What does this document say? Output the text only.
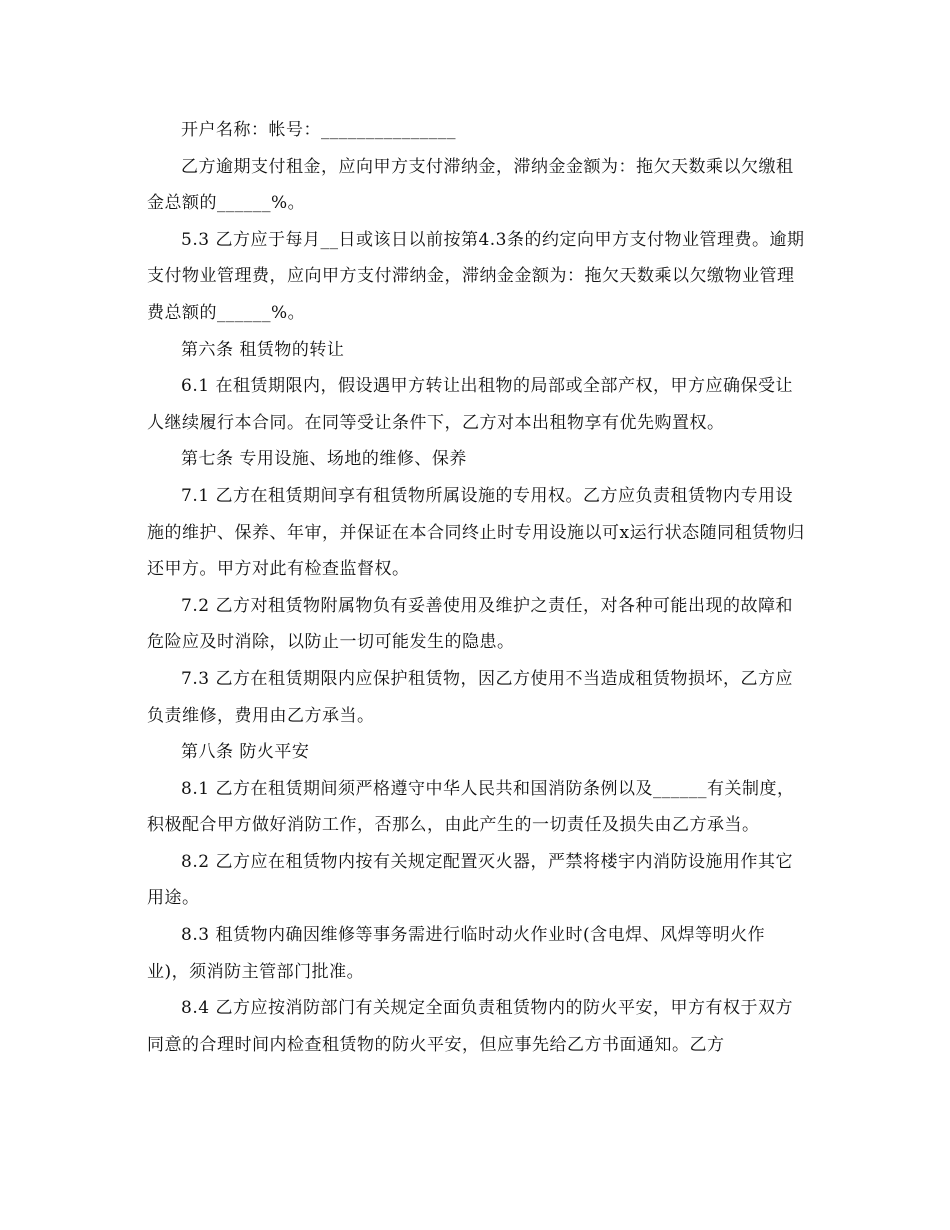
开户名称：帐号：_______________

乙方逾期支付租金，应向甲方支付滞纳金，滞纳金金额为：拖欠天数乘以欠缴租金总额的______%。

5.3 乙方应于每月__日或该日以前按第4.3条的约定向甲方支付物业管理费。逾期支付物业管理费，应向甲方支付滞纳金，滞纳金金额为：拖欠天数乘以欠缴物业管理费总额的______%。

第六条 租赁物的转让

6.1 在租赁期限内，假设遇甲方转让出租物的局部或全部产权，甲方应确保受让人继续履行本合同。在同等受让条件下，乙方对本出租物享有优先购置权。

第七条 专用设施、场地的维修、保养

7.1 乙方在租赁期间享有租赁物所属设施的专用权。乙方应负责租赁物内专用设施的维护、保养、年审，并保证在本合同终止时专用设施以可x运行状态随同租赁物归还甲方。甲方对此有检查监督权。

7.2 乙方对租赁物附属物负有妥善使用及维护之责任，对各种可能出现的故障和危险应及时消除，以防止一切可能发生的隐患。

7.3 乙方在租赁期限内应保护租赁物，因乙方使用不当造成租赁物损坏，乙方应负责维修，费用由乙方承当。

第八条 防火平安

8.1 乙方在租赁期间须严格遵守中华人民共和国消防条例以及______有关制度，积极配合甲方做好消防工作，否那么，由此产生的一切责任及损失由乙方承当。

8.2 乙方应在租赁物内按有关规定配置灭火器，严禁将楼宇内消防设施用作其它用途。

8.3 租赁物内确因维修等事务需进行临时动火作业时(含电焊、风焊等明火作业)，须消防主管部门批准。

8.4 乙方应按消防部门有关规定全面负责租赁物内的防火平安，甲方有权于双方同意的合理时间内检查租赁物的防火平安，但应事先给乙方书面通知。乙方
